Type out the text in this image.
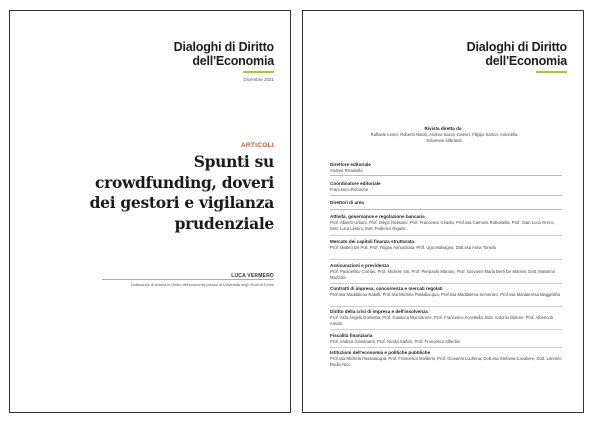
Dialoghi di Diritto
dell'Economia
Dicembre 2021
ARTICOLI
Spunti su crowdfunding, doveri dei gestori e vigilanza prudenziale
LUCA VERMERO
Dottorando di ricerca in Diritto dell'economia presso la Università degli Studi di Torino
Dialoghi di Diritto
dell'Economia
Rivista diretta da
Raffaele Lener, Roberto Natoli, Andrea Sacco Ginevri, Filippo Sartori, Antonella Sciarrone Alibrandi
Direttore editoriale
Andrea Pisaniello
Coordinatore editoriale
Francesco Ruccione
Direttori di area
Attività, governance e regolazione bancaria
Prof. Alberto Urbani, Prof. Diego Rossano, Prof. Francesco Ciraolo, Prof.ssa Carmela Robustella, Prof. Gian Luca Greco, Dott. Luca Lentini, Dott. Federico Riganti
Mercato dei capitali finanza strutturata
Prof. Matteo De Poli, Prof. Filippo Annunziata, Prof. Ugo Malvagna, Dott.ssa Anna Toniolo
Assicurazioni e previdenza
Prof. Paoloefisio Corrias, Prof. Michele Siri, Prof. Pierpaolo Marano, Prof. Giovanni Maria Berti De Marinis, Dott. Massimo Mazzola
Contratti di impresa, concorrenza e mercati regolati
Prof.ssa Maddalena Rabitti, Prof.ssa Michela Passalacqua, Prof.ssa Maddalena Semeraro, Prof.ssa Mariateresa Maggiolino
Diritto della crisi di impresa e dell'insolvenza
Prof. Aldo Angelo Dolmetta, Prof. Gianluca Mucciarone, Prof. Francesco Accettella, Dott. Antonio Didone, Prof. Alberto di Amato
Fiscalità finanziaria
Prof. Andrea Giovanardi, Prof. Nicola Sartori, Prof. Francesco Albertini
Istituzioni dell'economia e politiche pubbliche
Prof.ssa Michela Passalacqua, Prof. Francesco Moliterni, Prof. Giovanni Luchena, Dott.ssa Stefania Cavaliere, Dott. Lorenzo Rodio Nico
